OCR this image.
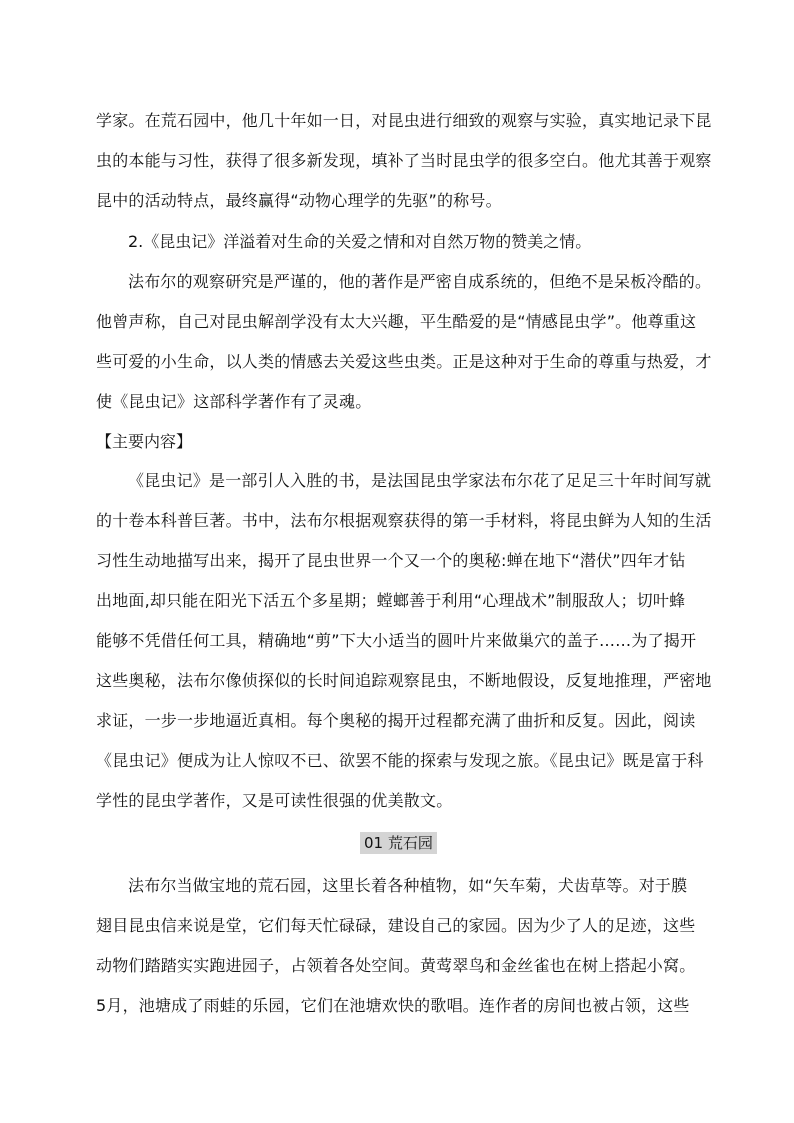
学家。在荒石园中，他几十年如一日，对昆虫进行细致的观察与实验，真实地记录下昆
虫的本能与习性，获得了很多新发现，填补了当时昆虫学的很多空白。他尤其善于观察
昆中的活动特点，最终赢得“动物心理学的先驱”的称号。
2.《昆虫记》洋溢着对生命的关爱之情和对自然万物的赞美之情。
法布尔的观察研究是严谨的，他的著作是严密自成系统的，但绝不是呆板冷酷的。
他曾声称，自己对昆虫解剖学没有太大兴趣，平生酷爱的是“情感昆虫学”。他尊重这
些可爱的小生命，以人类的情感去关爱这些虫类。正是这种对于生命的尊重与热爱，才
使《昆虫记》这部科学著作有了灵魂。
【主要内容】
《昆虫记》是一部引人入胜的书，是法国昆虫学家法布尔花了足足三十年时间写就
的十卷本科普巨著。书中，法布尔根据观察获得的第一手材料，将昆虫鲜为人知的生活
习性生动地描写出来，揭开了昆虫世界一个又一个的奥秘:蝉在地下“潜伏”四年才钻
出地面,却只能在阳光下活五个多星期；螳螂善于利用“心理战术”制服敌人；切叶蜂
能够不凭借任何工具，精确地“剪”下大小适当的圆叶片来做巢穴的盖子……为了揭开
这些奥秘，法布尔像侦探似的长时间追踪观察昆虫，不断地假设，反复地推理，严密地
求证，一步一步地逼近真相。每个奥秘的揭开过程都充满了曲折和反复。因此，阅读
《昆虫记》便成为让人惊叹不已、欲罢不能的探索与发现之旅。《昆虫记》既是富于科
学性的昆虫学著作，又是可读性很强的优美散文。
01 荒石园
法布尔当做宝地的荒石园，这里长着各种植物，如“矢车菊，犬齿草等。对于膜
翅目昆虫信来说是堂，它们每天忙碌碌，建设自己的家园。因为少了人的足迹，这些
动物们踏踏实实跑进园子，占领着各处空间。黄莺翠鸟和金丝雀也在树上搭起小窝。
5月，池塘成了雨蛙的乐园，它们在池塘欢快的歌唱。连作者的房间也被占领，这些
